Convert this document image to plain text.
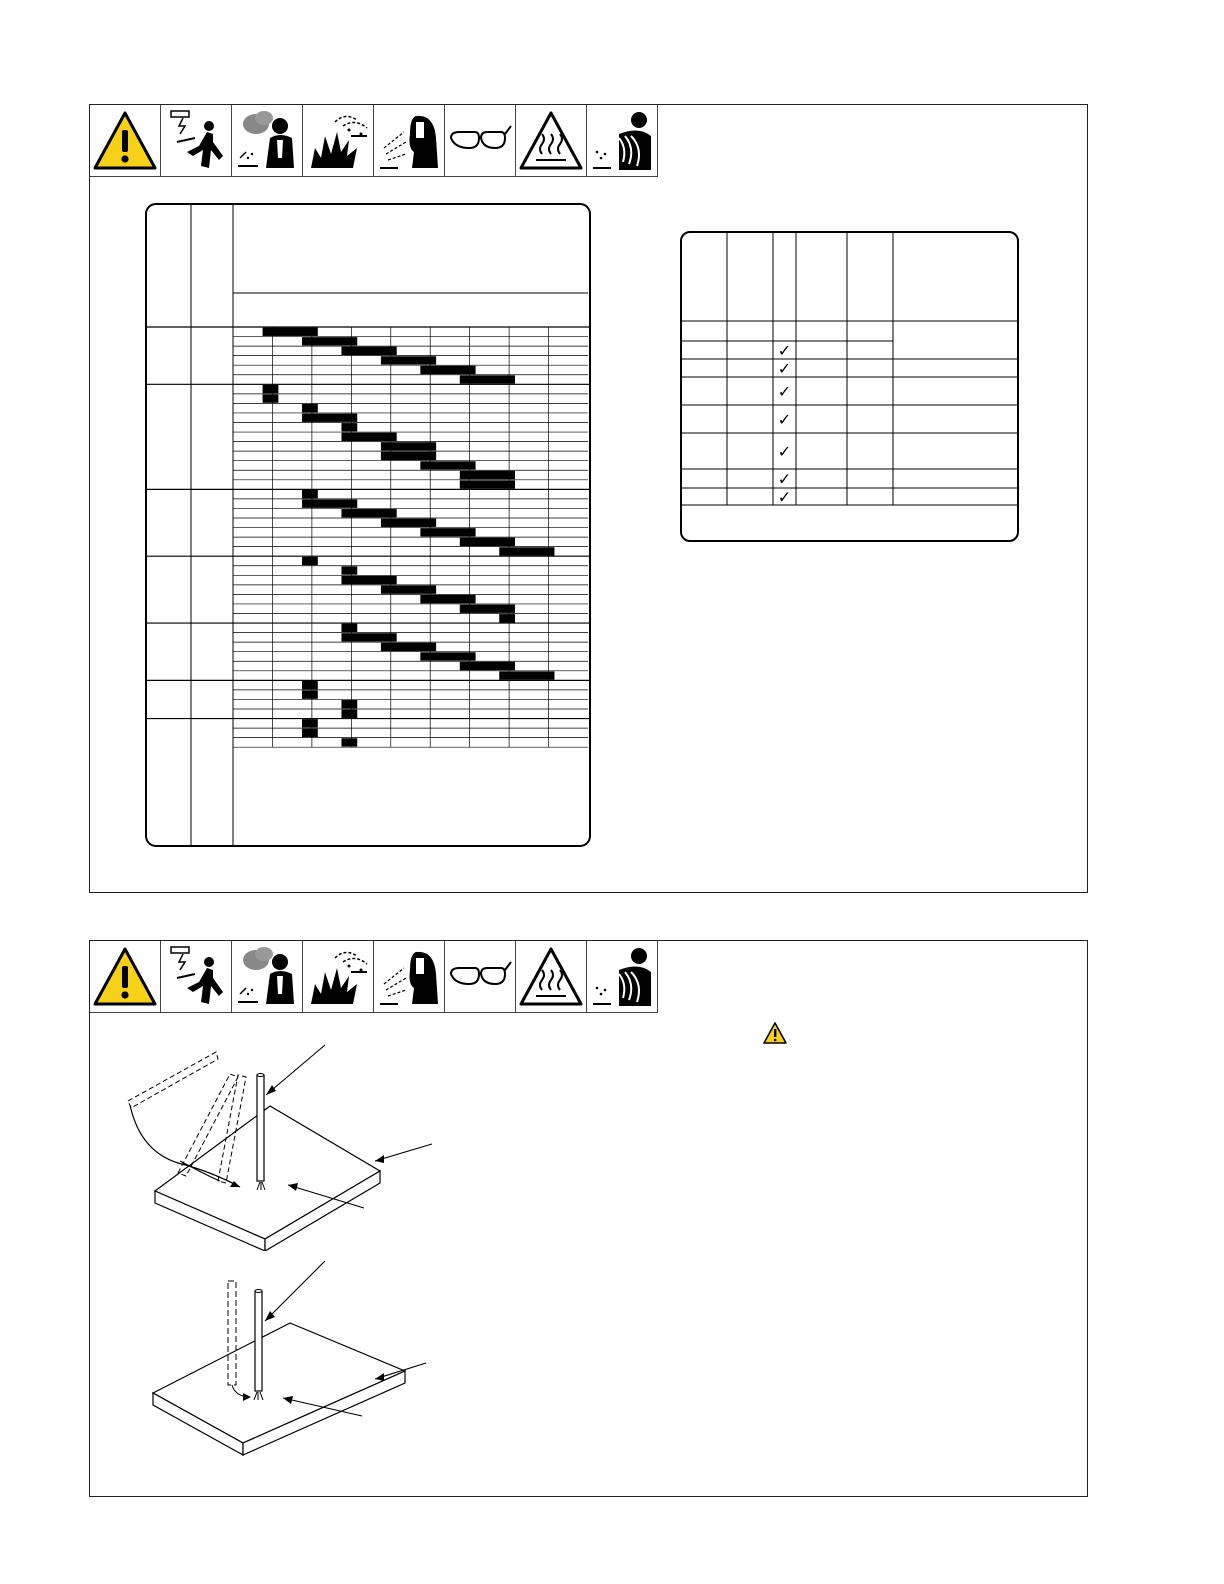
✓
✓
✓
✓
✓
✓
✓
